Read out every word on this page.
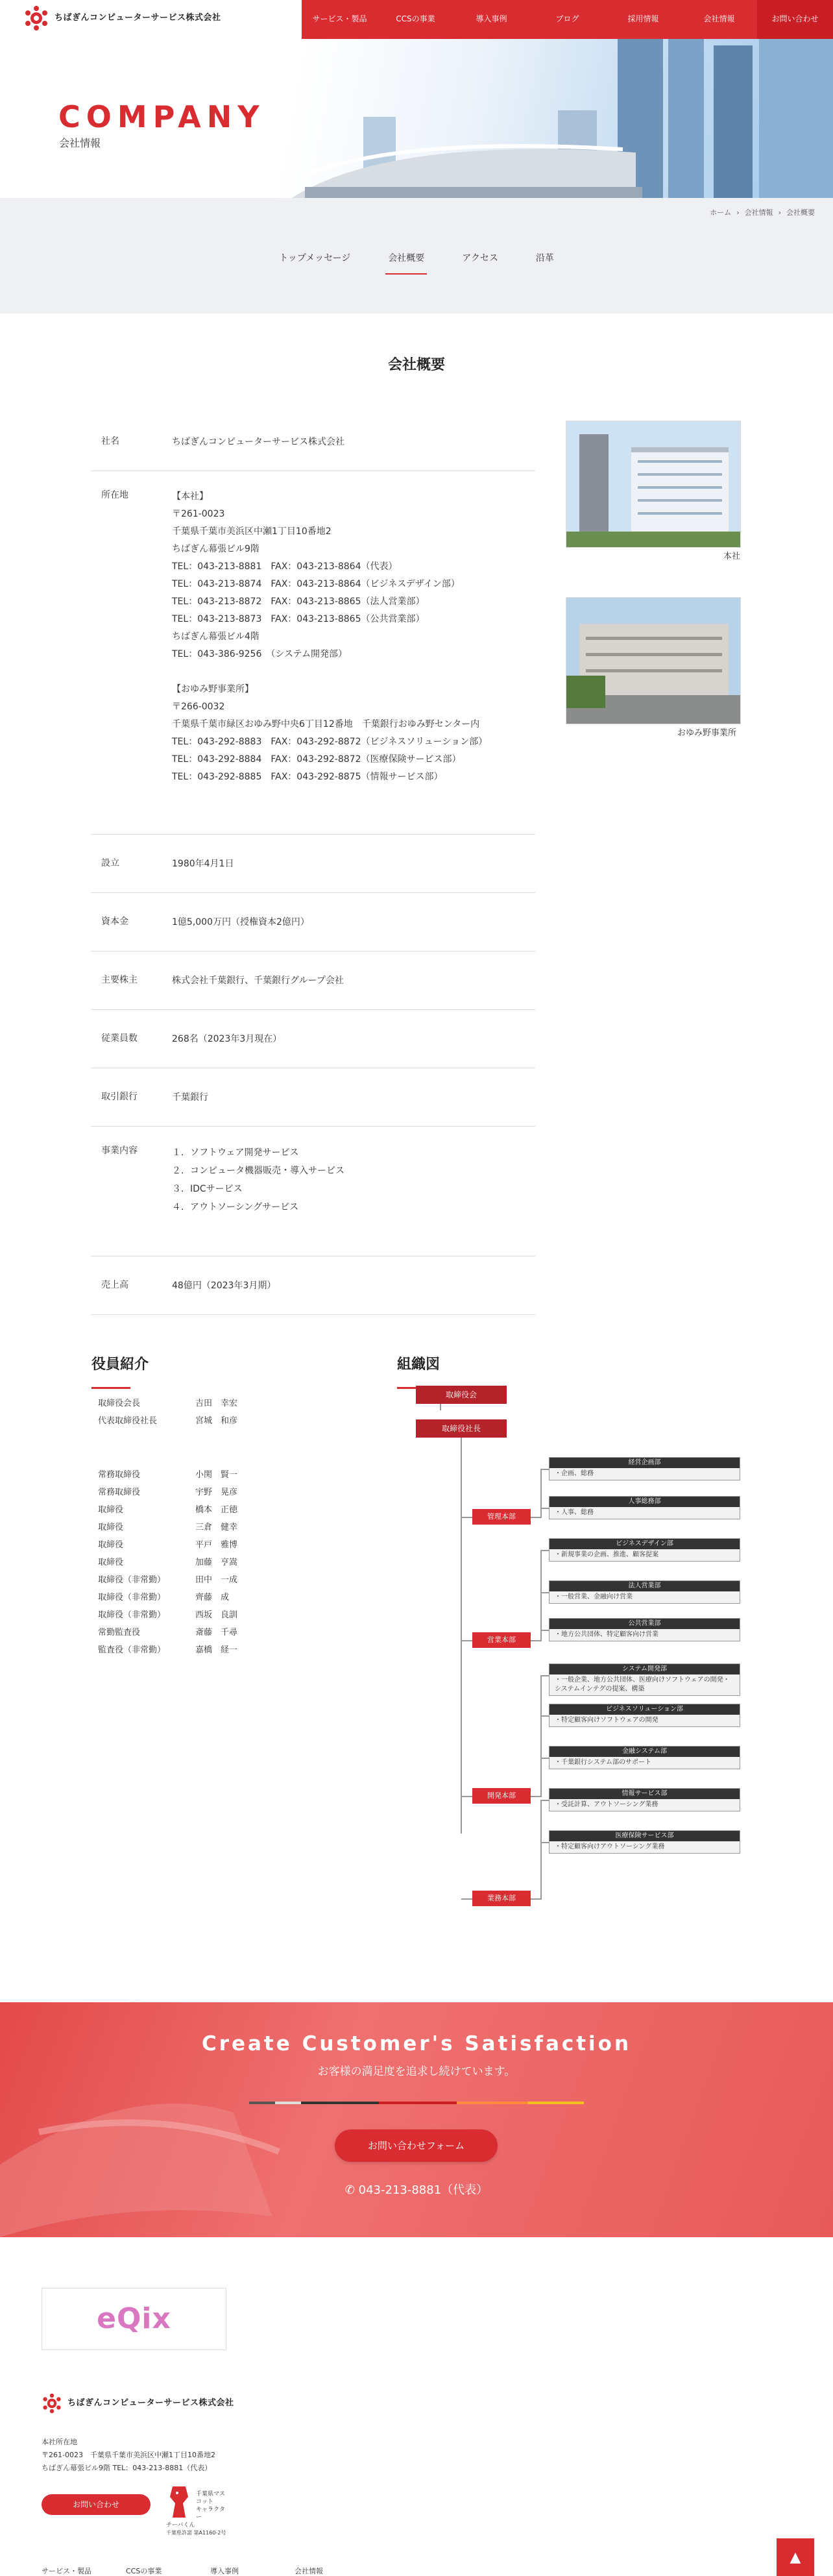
ちばぎんコンピューターサービス株式会社	サービス・製品	CCSの事業	導入事例	ブログ	採用情報	会社情報	お問い合わせ
COMPANY
会社情報
ホーム › 会社情報 › 会社概要
トップメッセージ	会社概要	アクセス	沿革
会社概要
社名	ちばぎんコンピューターサービス株式会社
所在地	【本社】
〒261-0023
千葉県千葉市美浜区中瀬1丁目10番地2
ちばぎん幕張ビル9階
TEL：043-213-8881　FAX：043-213-8864（代表）
TEL：043-213-8874　FAX：043-213-8864（ビジネスデザイン部）
TEL：043-213-8872　FAX：043-213-8865（法人営業部）
TEL：043-213-8873　FAX：043-213-8865（公共営業部）
ちばぎん幕張ビル4階
TEL：043-386-9256　（システム開発部）
【おゆみ野事業所】
〒266-0032
千葉県千葉市緑区おゆみ野中央6丁目12番地　千葉銀行おゆみ野センター内
TEL：043-292-8883　FAX：043-292-8872（ビジネスソリューション部）
TEL：043-292-8884　FAX：043-292-8872（医療保険サービス部）
TEL：043-292-8885　FAX：043-292-8875（情報サービス部）
設立	1980年4月1日
資本金	1億5,000万円（授権資本2億円）
主要株主	株式会社千葉銀行、千葉銀行グループ会社
従業員数	268名（2023年3月現在）
取引銀行	千葉銀行
事業内容	１．ソフトウェア開発サービス
２．コンピュータ機器販売・導入サービス
３．IDCサービス
４．アウトソーシングサービス
売上高	48億円（2023年3月期）
本社
おゆみ野事業所
役員紹介
取締役会長	吉田　幸宏
代表取締役社長	宮城　和彦
常務取締役	小関　賢一
常務取締役	宇野　晃彦
取締役	橋本　正徳
取締役	三倉　健幸
取締役	平戸　雅博
取締役	加藤　亨嵩
取締役（非常勤）	田中　一成
取締役（非常勤）	齊藤　成
取締役（非常勤）	西坂　良訓
常勤監査役	斎藤　千尋
監査役（非常勤）	嘉橋　経一
組織図
取締役会
取締役社長
管理本部
営業本部
開発本部
業務本部
経営企画部
・企画、総務
人事総務部
・人事、総務
ビジネスデザイン部
・新規事業の企画、推進、顧客提案
法人営業部
・一般営業、金融向け営業
公共営業部
・地方公共団体、特定顧客向け営業
システム開発部
・一般企業、地方公共団体、医療向けソフトウェアの開発・システムインテグの提案、構築
ビジネスソリューション部
・特定顧客向けソフトウェアの開発
金融システム部
・千葉銀行システム部のサポート
情報サービス部
・受託計算、アウトソーシング業務
医療保険サービス部
・特定顧客向けアウトソーシング業務
Create Customer's Satisfaction
お客様の満足度を追求し続けています。
お問い合わせフォーム
✆ 043-213-8881（代表）
eQix
ちばぎんコンピューターサービス株式会社
本社所在地
〒261-0023　千葉県千葉市美浜区中瀬1丁目10番地2
ちばぎん幕張ビル9階 TEL：043-213-8881（代表）
お問い合わせ
千葉県マスコット
キャラクター
チーバくん
千葉県許諾 第A1160-2号
サービス・製品	CCSの事業	導入事例	会社情報
▲
